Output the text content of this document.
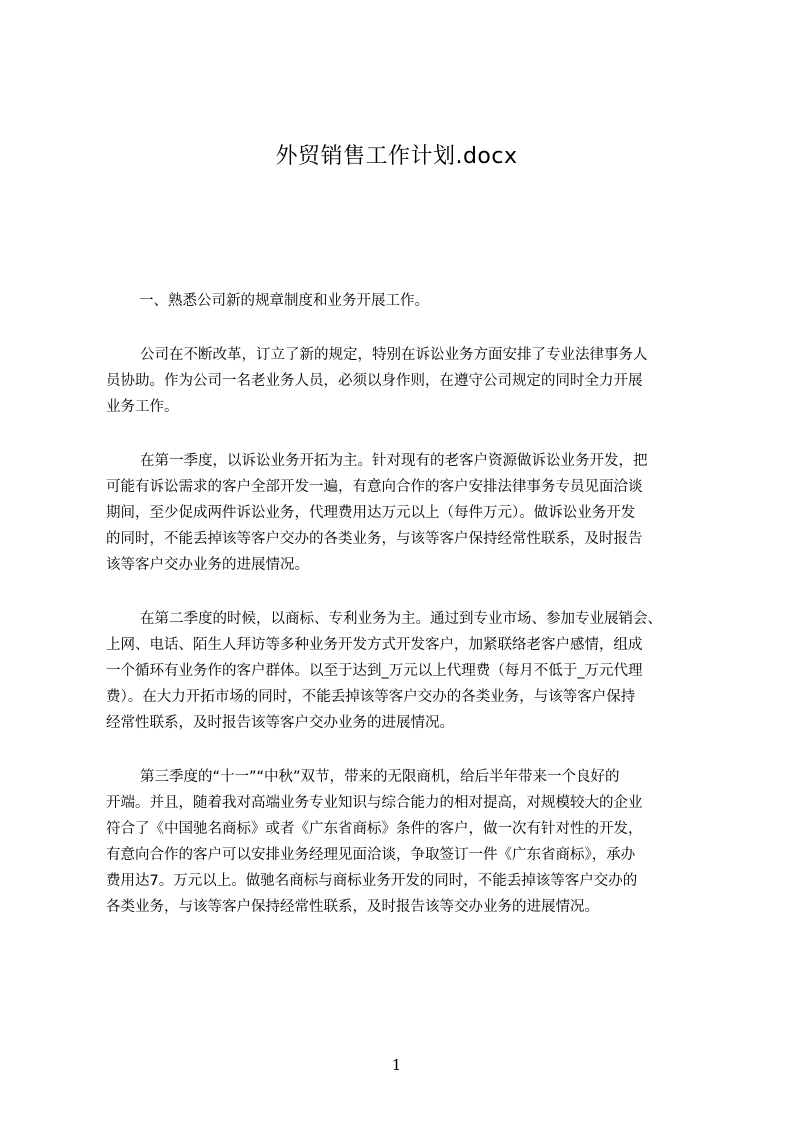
外贸销售工作计划.docx
一、熟悉公司新的规章制度和业务开展工作。
公司在不断改革，订立了新的规定，特别在诉讼业务方面安排了专业法律事务人
员协助。作为公司一名老业务人员，必须以身作则，在遵守公司规定的同时全力开展
业务工作。
在第一季度，以诉讼业务开拓为主。针对现有的老客户资源做诉讼业务开发，把
可能有诉讼需求的客户全部开发一遍，有意向合作的客户安排法律事务专员见面洽谈
期间，至少促成两件诉讼业务，代理费用达万元以上（每件万元）。做诉讼业务开发
的同时，不能丢掉该等客户交办的各类业务，与该等客户保持经常性联系，及时报告
该等客户交办业务的进展情况。
在第二季度的时候，以商标、专利业务为主。通过到专业市场、参加专业展销会、
上网、电话、陌生人拜访等多种业务开发方式开发客户，加紧联络老客户感情，组成
一个循环有业务作的客户群体。以至于达到_万元以上代理费（每月不低于_万元代理
费）。在大力开拓市场的同时，不能丢掉该等客户交办的各类业务，与该等客户保持
经常性联系，及时报告该等客户交办业务的进展情况。
第三季度的“十一”“中秋”双节，带来的无限商机，给后半年带来一个良好的
开端。并且，随着我对高端业务专业知识与综合能力的相对提高，对规模较大的企业
符合了《中国驰名商标》或者《广东省商标》条件的客户，做一次有针对性的开发，
有意向合作的客户可以安排业务经理见面洽谈，争取签订一件《广东省商标》，承办
费用达7。万元以上。做驰名商标与商标业务开发的同时，不能丢掉该等客户交办的
各类业务，与该等客户保持经常性联系，及时报告该等交办业务的进展情况。
1
